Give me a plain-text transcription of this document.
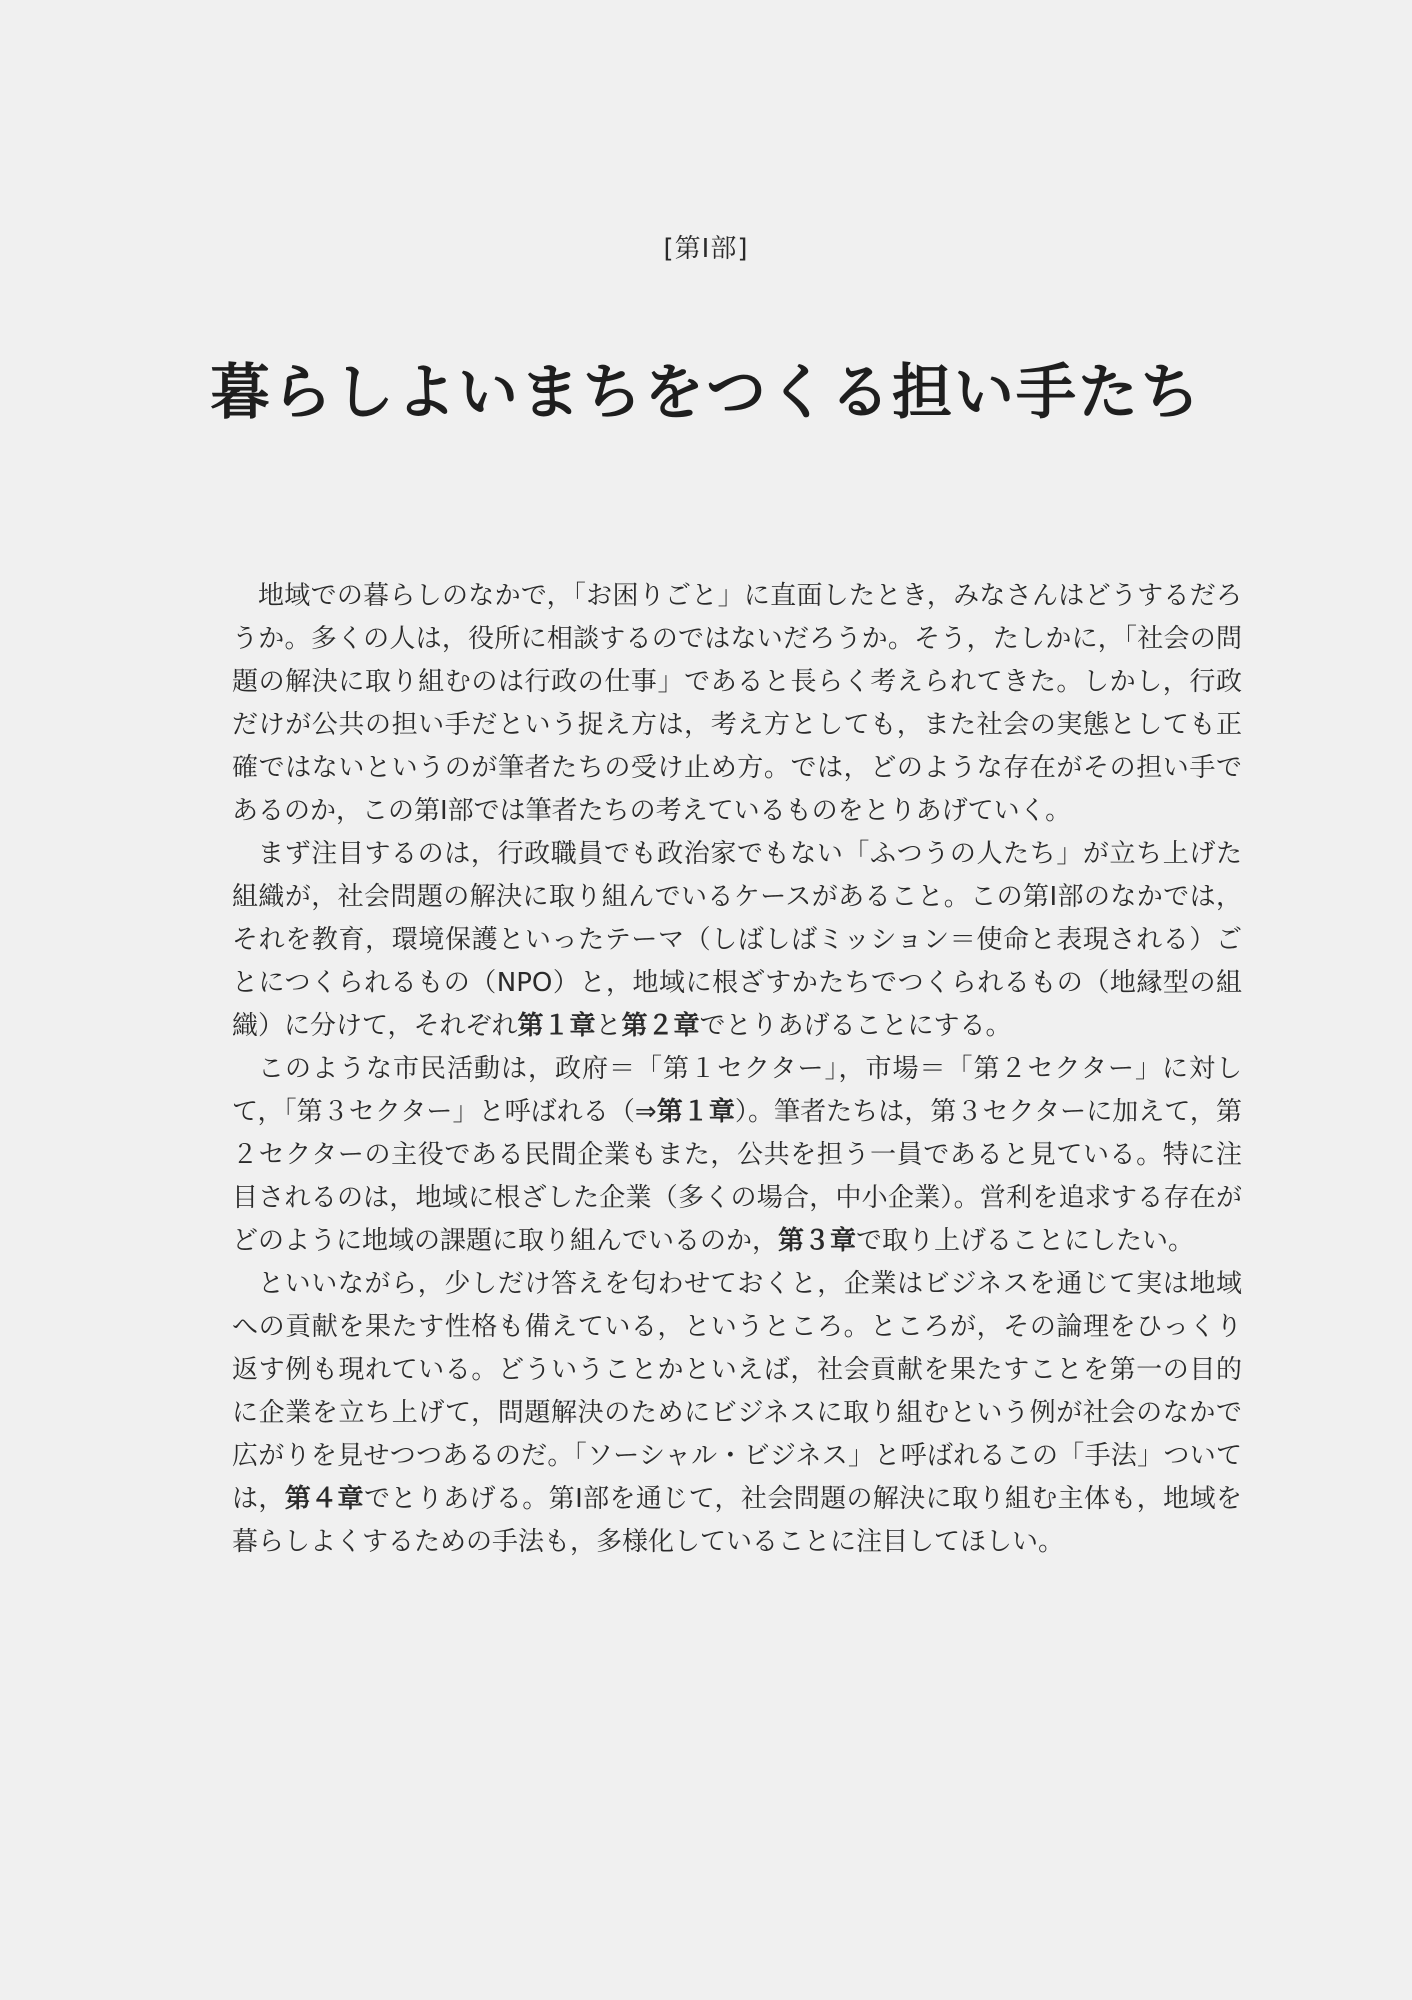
[第Ⅰ部]
暮らしよいまちをつくる担い手たち

地域での暮らしのなかで，「お困りごと」に直面したとき，みなさんはどうするだろうか。多くの人は，役所に相談するのではないだろうか。そう，たしかに，「社会の問題の解決に取り組むのは行政の仕事」であると長らく考えられてきた。しかし，行政だけが公共の担い手だという捉え方は，考え方としても，また社会の実態としても正確ではないというのが筆者たちの受け止め方。では，どのような存在がその担い手であるのか，この第Ⅰ部では筆者たちの考えているものをとりあげていく。

まず注目するのは，行政職員でも政治家でもない「ふつうの人たち」が立ち上げた組織が，社会問題の解決に取り組んでいるケースがあること。この第Ⅰ部のなかでは，それを教育，環境保護といったテーマ（しばしばミッション＝使命と表現される）ごとにつくられるもの（NPO）と，地域に根ざすかたちでつくられるもの（地縁型の組織）に分けて，それぞれ第１章と第２章でとりあげることにする。

このような市民活動は，政府＝「第１セクター」，市場＝「第２セクター」に対して，「第３セクター」と呼ばれる（⇒第１章）。筆者たちは，第３セクターに加えて，第２セクターの主役である民間企業もまた，公共を担う一員であると見ている。特に注目されるのは，地域に根ざした企業（多くの場合，中小企業）。営利を追求する存在がどのように地域の課題に取り組んでいるのか，第３章で取り上げることにしたい。

といいながら，少しだけ答えを匂わせておくと，企業はビジネスを通じて実は地域への貢献を果たす性格も備えている，というところ。ところが，その論理をひっくり返す例も現れている。どういうことかといえば，社会貢献を果たすことを第一の目的に企業を立ち上げて，問題解決のためにビジネスに取り組むという例が社会のなかで広がりを見せつつあるのだ。「ソーシャル・ビジネス」と呼ばれるこの「手法」ついては，第４章でとりあげる。第Ⅰ部を通じて，社会問題の解決に取り組む主体も，地域を暮らしよくするための手法も，多様化していることに注目してほしい。
